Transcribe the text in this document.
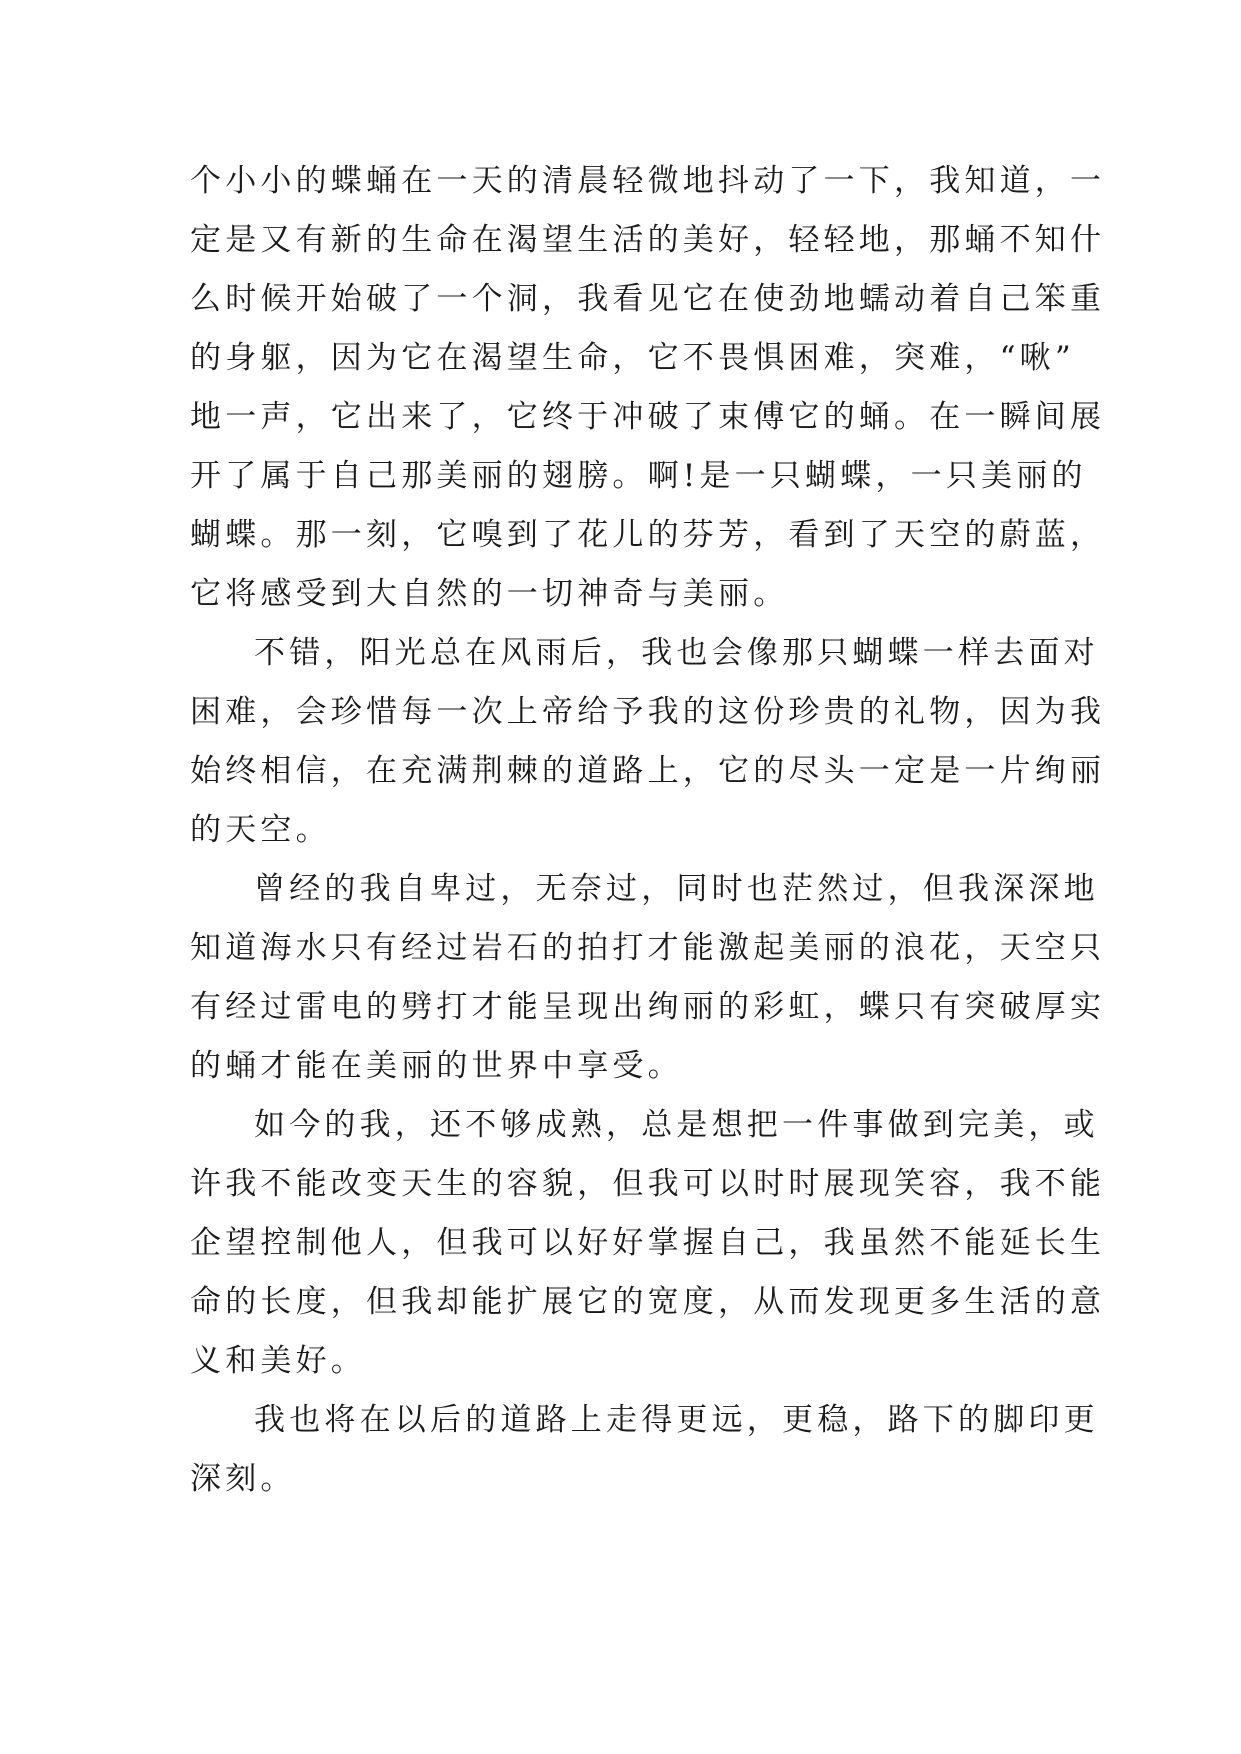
个小小的蝶蛹在一天的清晨轻微地抖动了一下，我知道，一
定是又有新的生命在渴望生活的美好，轻轻地，那蛹不知什
么时候开始破了一个洞，我看见它在使劲地蠕动着自己笨重
的身躯，因为它在渴望生命，它不畏惧困难，突难，“啾”
地一声，它出来了，它终于冲破了束傅它的蛹。在一瞬间展
开了属于自己那美丽的翅膀。啊!是一只蝴蝶，一只美丽的
蝴蝶。那一刻，它嗅到了花儿的芬芳，看到了天空的蔚蓝，
它将感受到大自然的一切神奇与美丽。
不错，阳光总在风雨后，我也会像那只蝴蝶一样去面对
困难，会珍惜每一次上帝给予我的这份珍贵的礼物，因为我
始终相信，在充满荆棘的道路上，它的尽头一定是一片绚丽
的天空。
曾经的我自卑过，无奈过，同时也茫然过，但我深深地
知道海水只有经过岩石的拍打才能激起美丽的浪花，天空只
有经过雷电的劈打才能呈现出绚丽的彩虹，蝶只有突破厚实
的蛹才能在美丽的世界中享受。
如今的我，还不够成熟，总是想把一件事做到完美，或
许我不能改变天生的容貌，但我可以时时展现笑容，我不能
企望控制他人，但我可以好好掌握自己，我虽然不能延长生
命的长度，但我却能扩展它的宽度，从而发现更多生活的意
义和美好。
我也将在以后的道路上走得更远，更稳，路下的脚印更
深刻。
